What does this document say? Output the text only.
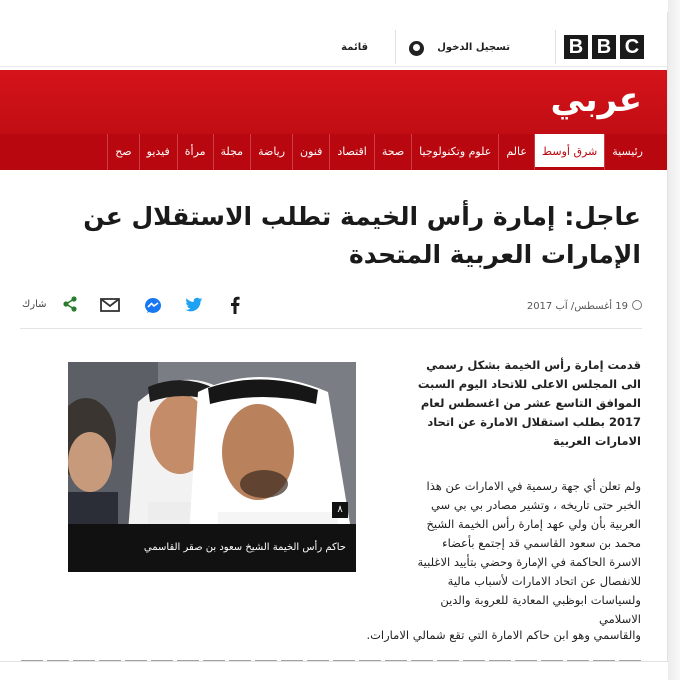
C
B
B
تسجيل الدخول
قائمة
عربي
رئيسية
شرق أوسط
عالم
علوم وتكنولوجيا
صحة
اقتصاد
فنون
رياضة
مجلة
مرأة
فيديو
صح
عاجل: إمارة رأس الخيمة تطلب الاستقلال عن الإمارات العربية المتحدة
19 أغسطس/ آب 2017
شارك
٨
حاكم رأس الخيمة الشيخ سعود بن صقر القاسمي

قدمت إمارة رأس الخيمة بشكل رسمي الى المجلس الاعلى للاتحاد اليوم السبت الموافق التاسع عشر من اغسطس لعام 2017 بطلب استقلال الامارة عن اتحاد الامارات العربية

ولم تعلن أي جهة رسمية في الامارات عن هذا الخبر حتى تاريخه ، وتشير مصادر بي بي سي العربية بأن ولي عهد إمارة رأس الخيمة الشيخ محمد بن سعود القاسمي قد إجتمع بأعضاء الاسرة الحاكمة في الإمارة وحضي بتأييد الاغلبية للانفصال عن اتحاد الامارات لأسباب مالية ولسياسات ابوظبي المعادية للعروبة والدين الاسلامي

والقاسمي وهو ابن حاكم الامارة التي تقع شمالي الامارات.
